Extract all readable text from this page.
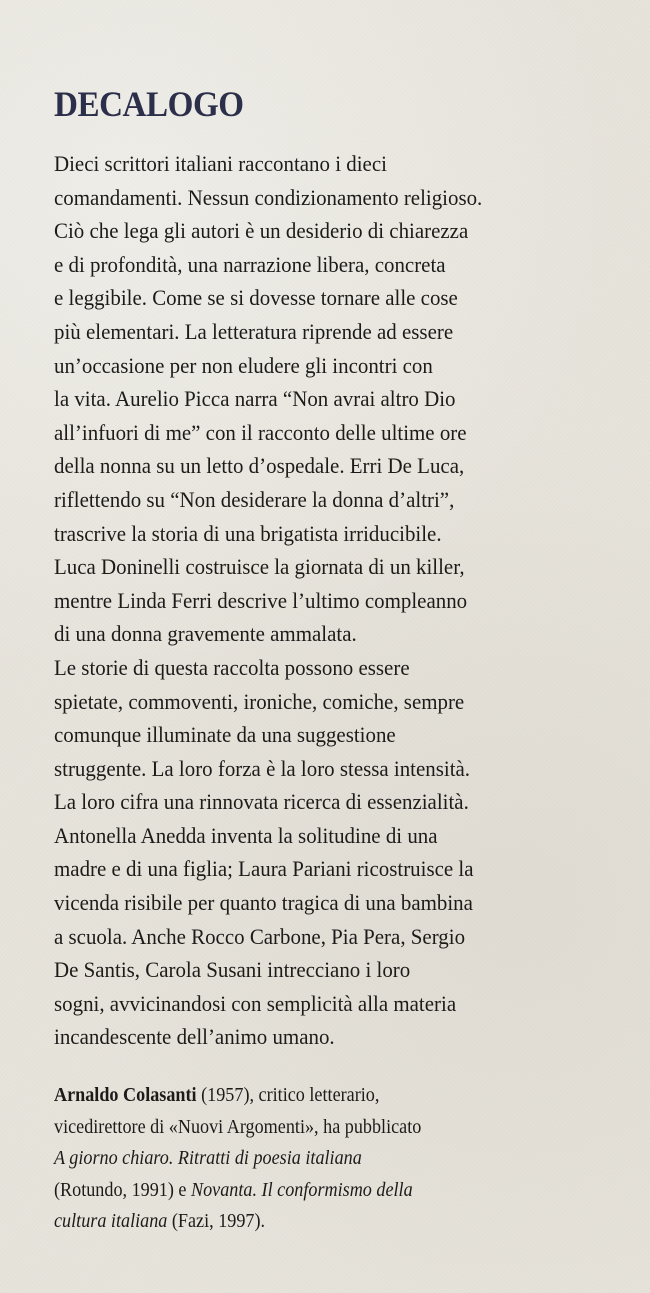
DECALOGO
Dieci scrittori italiani raccontano i dieci
comandamenti. Nessun condizionamento religioso.
Ciò che lega gli autori è un desiderio di chiarezza
e di profondità, una narrazione libera, concreta
e leggibile. Come se si dovesse tornare alle cose
più elementari. La letteratura riprende ad essere
un’occasione per non eludere gli incontri con
la vita. Aurelio Picca narra “Non avrai altro Dio
all’infuori di me” con il racconto delle ultime ore
della nonna su un letto d’ospedale. Erri De Luca,
riflettendo su “Non desiderare la donna d’altri”,
trascrive la storia di una brigatista irriducibile.
Luca Doninelli costruisce la giornata di un killer,
mentre Linda Ferri descrive l’ultimo compleanno
di una donna gravemente ammalata.
Le storie di questa raccolta possono essere
spietate, commoventi, ironiche, comiche, sempre
comunque illuminate da una suggestione
struggente. La loro forza è la loro stessa intensità.
La loro cifra una rinnovata ricerca di essenzialità.
Antonella Anedda inventa la solitudine di una
madre e di una figlia; Laura Pariani ricostruisce la
vicenda risibile per quanto tragica di una bambina
a scuola. Anche Rocco Carbone, Pia Pera, Sergio
De Santis, Carola Susani intrecciano i loro
sogni, avvicinandosi con semplicità alla materia
incandescente dell’animo umano.
Arnaldo Colasanti (1957), critico letterario,
vicedirettore di «Nuovi Argomenti», ha pubblicato
A giorno chiaro. Ritratti di poesia italiana
(Rotundo, 1991) e Novanta. Il conformismo della
cultura italiana (Fazi, 1997).
